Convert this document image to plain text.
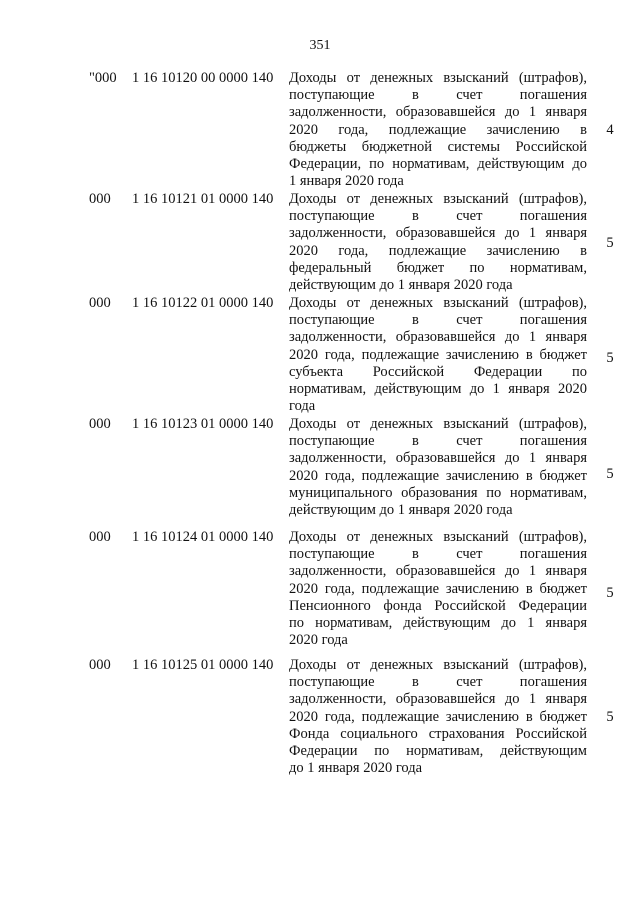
351
"000	1 16 10120 00 0000 140 Доходы от денежных взысканий (штрафов),
поступающие в счет погашения
задолженности, образовавшейся до 1 января
2020 года, подлежащие зачислению в
бюджеты бюджетной системы Российской
Федерации, по нормативам, действующим до
1 января 2020 года
4
000	1 16 10121 01 0000 140 Доходы от денежных взысканий (штрафов),
поступающие в счет погашения
задолженности, образовавшейся до 1 января
2020 года, подлежащие зачислению в
федеральный бюджет по нормативам,
действующим до 1 января 2020 года
5
000	1 16 10122 01 0000 140 Доходы от денежных взысканий (штрафов),
поступающие в счет погашения
задолженности, образовавшейся до 1 января
2020 года, подлежащие зачислению в бюджет
субъекта Российской Федерации по
нормативам, действующим до 1 января 2020
года
5
000	1 16 10123 01 0000 140 Доходы от денежных взысканий (штрафов),
поступающие в счет погашения
задолженности, образовавшейся до 1 января
2020 года, подлежащие зачислению в бюджет
муниципального образования по нормативам,
действующим до 1 января 2020 года
5
000	1 16 10124 01 0000 140 Доходы от денежных взысканий (штрафов),
поступающие в счет погашения
задолженности, образовавшейся до 1 января
2020 года, подлежащие зачислению в бюджет
Пенсионного фонда Российской Федерации
по нормативам, действующим до 1 января
2020 года
5
000	1 16 10125 01 0000 140 Доходы от денежных взысканий (штрафов),
поступающие в счет погашения
задолженности, образовавшейся до 1 января
2020 года, подлежащие зачислению в бюджет
Фонда социального страхования Российской
Федерации по нормативам, действующим
до 1 января 2020 года
5
